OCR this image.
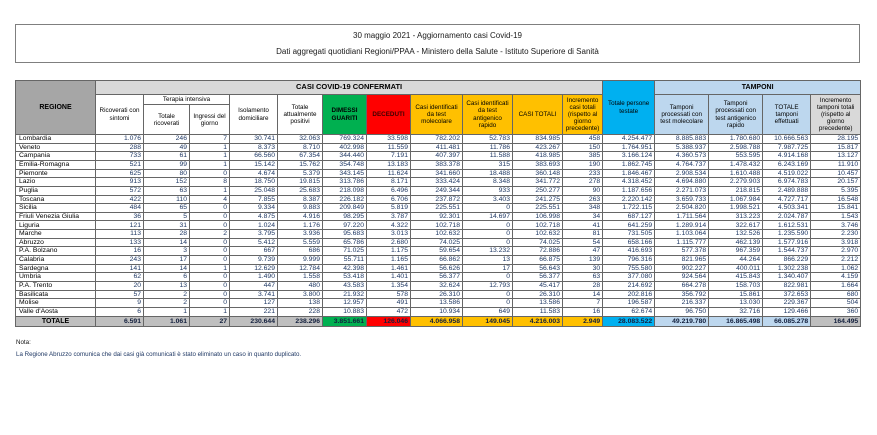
30 maggio 2021 - Aggiornamento casi Covid-19
Dati aggregati quotidiani Regioni/PPAA - Ministero della Salute - Istituto Superiore di Sanità
REGIONE	CASI COVID-19 CONFERMATI											Totale persone testate	TAMPONI			
	Ricoverati con sintomi	Terapia intensiva		Isolamento domiciliare	Totale attualmente positivi	DIMESSI GUARITI	DECEDUTI	Casi identificati da test molecolare	Casi identificati da test antigenico rapido	CASI TOTALI	Incremento casi totali (rispetto al giorno precedente)		Tamponi processati con test molecolare	Tamponi processati con test antigenico rapido	TOTALE tamponi effettuati	Incremento tamponi totali (rispetto al giorno precedente)
		Totale ricoverati	Ingressi del giorno													
Lombardia	1.076	246	7	30.741	32.063	769.324	33.598	782.202	52.783	834.985	458	4.254.477	8.885.883	1.780.680	10.666.563	28.195
Veneto	288	49	1	8.373	8.710	402.998	11.559	411.481	11.786	423.267	150	1.764.951	5.388.937	2.598.788	7.987.725	15.817
Campania	733	61	1	66.560	67.354	344.440	7.191	407.397	11.588	418.985	385	3.166.124	4.360.573	553.595	4.914.168	13.127
Emilia-Romagna	521	99	1	15.142	15.762	354.748	13.183	383.378	315	383.693	190	1.862.745	4.764.737	1.478.432	6.243.169	11.910
Piemonte	625	80	0	4.674	5.379	343.145	11.624	341.660	18.488	360.148	233	1.846.467	2.908.534	1.610.488	4.519.022	10.457
Lazio	913	152	8	18.750	19.815	313.786	8.171	333.424	8.348	341.772	278	4.318.452	4.694.880	2.279.903	6.974.783	20.157
Puglia	572	63	1	25.048	25.683	218.098	6.496	249.344	933	250.277	90	1.187.656	2.271.073	218.815	2.489.888	5.395
Toscana	422	110	4	7.855	8.387	226.182	6.706	237.872	3.403	241.275	263	2.220.142	3.659.733	1.067.984	4.727.717	16.548
Sicilia	484	65	0	9.334	9.883	209.849	5.819	225.551	0	225.551	348	1.722.115	2.504.820	1.998.521	4.503.341	15.841
Friuli Venezia Giulia	36	5	0	4.875	4.916	98.295	3.787	92.301	14.697	106.998	34	687.127	1.711.564	313.223	2.024.787	1.543
Liguria	121	31	0	1.024	1.176	97.220	4.322	102.718	0	102.718	41	641.259	1.289.914	322.617	1.612.531	3.746
Marche	113	28	2	3.795	3.936	95.683	3.013	102.632	0	102.632	81	731.505	1.103.064	132.526	1.235.590	2.230
Abruzzo	133	14	0	5.412	5.559	65.786	2.680	74.025	0	74.025	54	658.166	1.115.777	462.139	1.577.916	3.918
P.A. Bolzano	16	3	0	667	686	71.025	1.175	59.654	13.232	72.886	47	416.693	577.378	967.359	1.544.737	2.970
Calabria	243	17	0	9.739	9.999	55.711	1.165	66.862	13	66.875	139	796.316	821.965	44.264	866.229	2.212
Sardegna	141	14	1	12.629	12.784	42.398	1.461	56.626	17	56.643	30	755.580	902.227	400.011	1.302.238	1.062
Umbria	62	6	0	1.490	1.558	53.418	1.401	56.377	0	56.377	63	377.080	924.564	415.843	1.340.407	4.159
P.A. Trento	20	13	0	447	480	43.583	1.354	32.624	12.793	45.417	28	214.692	664.278	158.703	822.981	1.664
Basilicata	57	2	0	3.741	3.800	21.932	578	26.310	0	26.310	14	202.816	356.792	15.861	372.653	680
Molise	9	2	0	127	138	12.957	491	13.586	0	13.586	7	196.587	216.337	13.030	229.367	504
Valle d'Aosta	6	1	1	221	228	10.883	472	10.934	649	11.583	16	62.674	96.750	32.716	129.466	360
TOTALE	6.591	1.061	27	230.644	238.296	3.851.661	126.046	4.066.958	149.045	4.216.003	2.949	28.083.522	49.219.780	16.865.498	66.085.278	164.495
Nota:
La Regione Abruzzo comunica che dai casi già comunicati è stato eliminato un caso in quanto duplicato.
